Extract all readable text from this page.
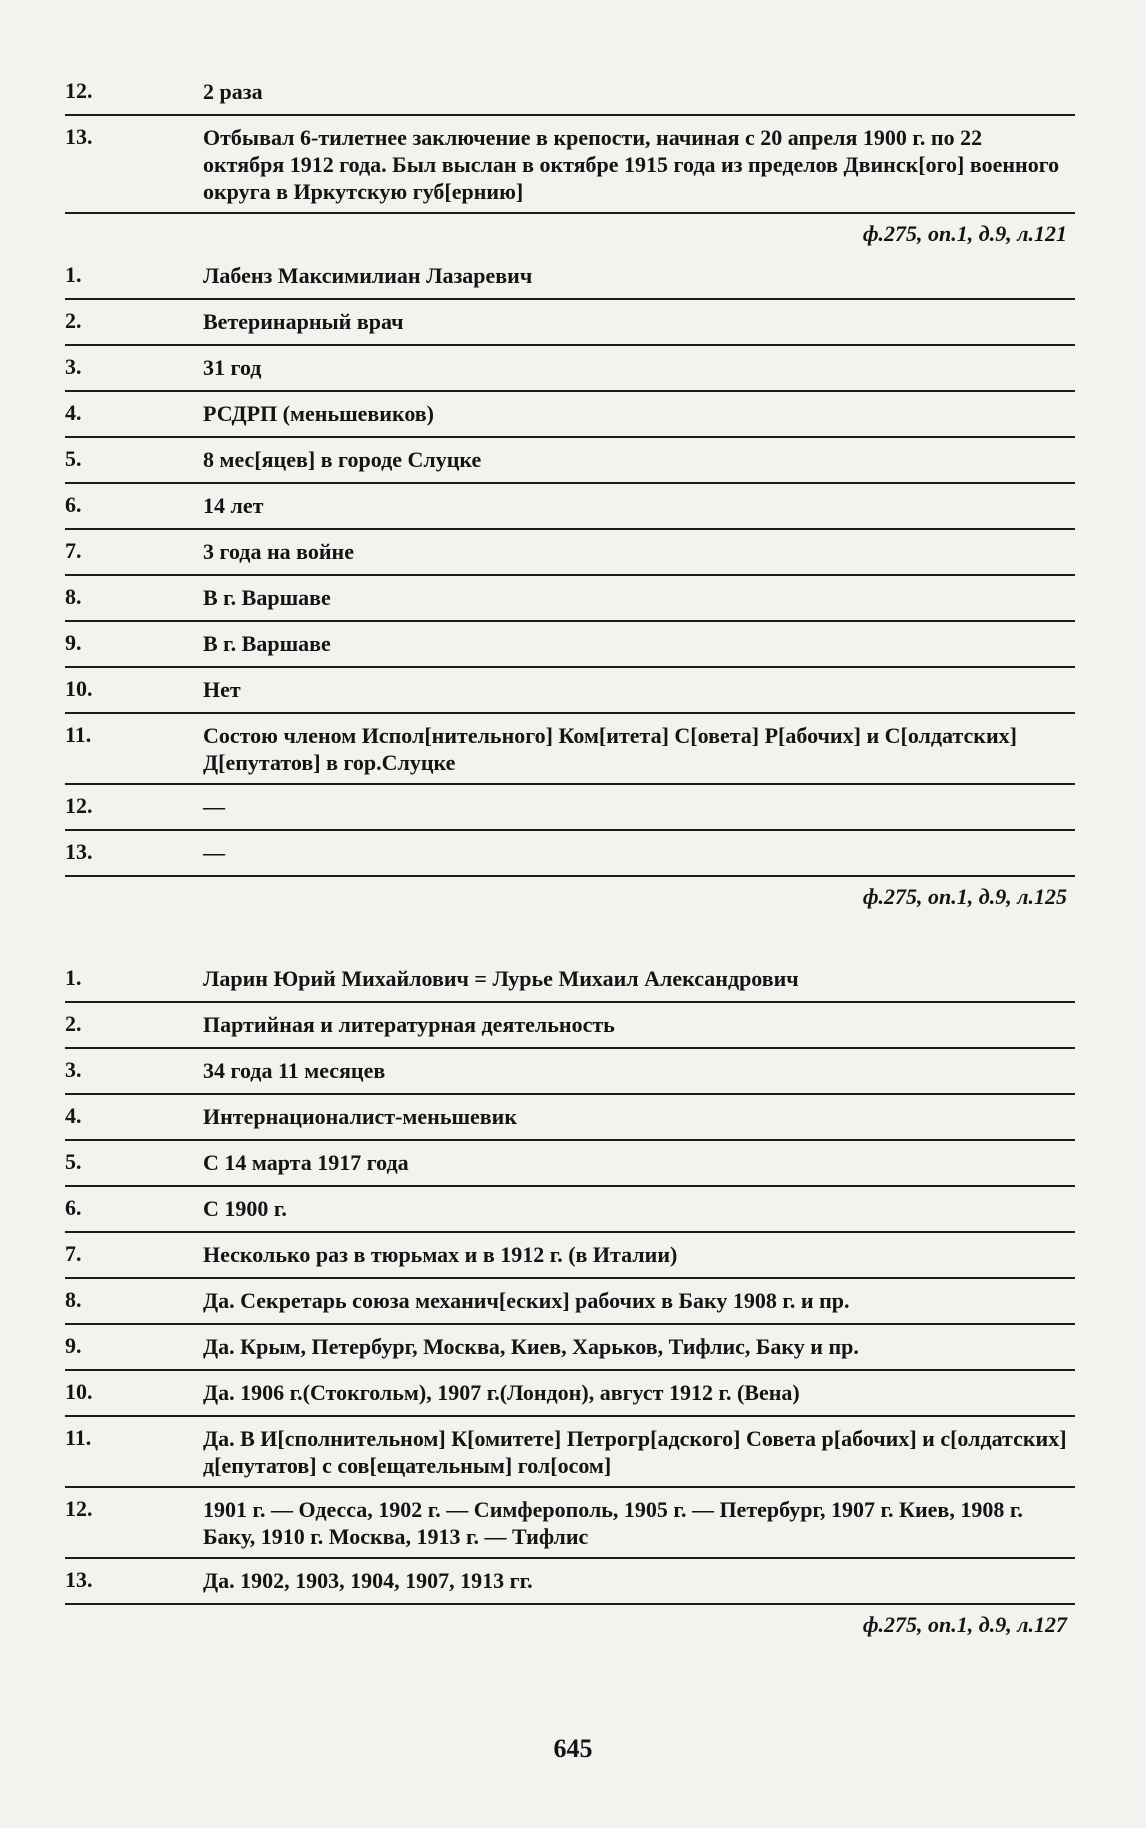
12.	2 раза
13.	Отбывал 6-тилетнее заключение в крепости, начиная с 20 апреля 1900 г. по 22 октября 1912 года. Был выслан в октябре 1915 года из пределов Двинск[ого] военного округа в Иркутскую губ[ернию]
ф.275, оп.1, д.9, л.121
1.	Лабенз Максимилиан Лазаревич
2.	Ветеринарный врач
3.	31 год
4.	РСДРП (меньшевиков)
5.	8 мес[яцев] в городе Слуцке
6.	14 лет
7.	3 года на войне
8.	В г. Варшаве
9.	В г. Варшаве
10.	Нет
11.	Состою членом Испол[нительного] Ком[итета] С[овета] Р[абочих] и С[олдатских] Д[епутатов] в гор.Слуцке
12.	—
13.	—
ф.275, оп.1, д.9, л.125
1.	Ларин Юрий Михайлович = Лурье Михаил Александрович
2.	Партийная и литературная деятельность
3.	34 года 11 месяцев
4.	Интернационалист-меньшевик
5.	С 14 марта 1917 года
6.	С 1900 г.
7.	Несколько раз в тюрьмах и в 1912 г. (в Италии)
8.	Да. Секретарь союза механич[еских] рабочих в Баку 1908 г. и пр.
9.	Да. Крым, Петербург, Москва, Киев, Харьков, Тифлис, Баку и пр.
10.	Да. 1906 г.(Стокгольм), 1907 г.(Лондон), август 1912 г. (Вена)
11.	Да. В И[сполнительном] К[омитете] Петрогр[адского] Совета р[абочих] и с[олдатских] д[епутатов] с сов[ещательным] гол[осом]
12.	1901 г. — Одесса, 1902 г. — Симферополь, 1905 г. — Петербург, 1907 г. Киев, 1908 г. Баку, 1910 г. Москва, 1913 г. — Тифлис
13.	Да. 1902, 1903, 1904, 1907, 1913 гг.
ф.275, оп.1, д.9, л.127
645
